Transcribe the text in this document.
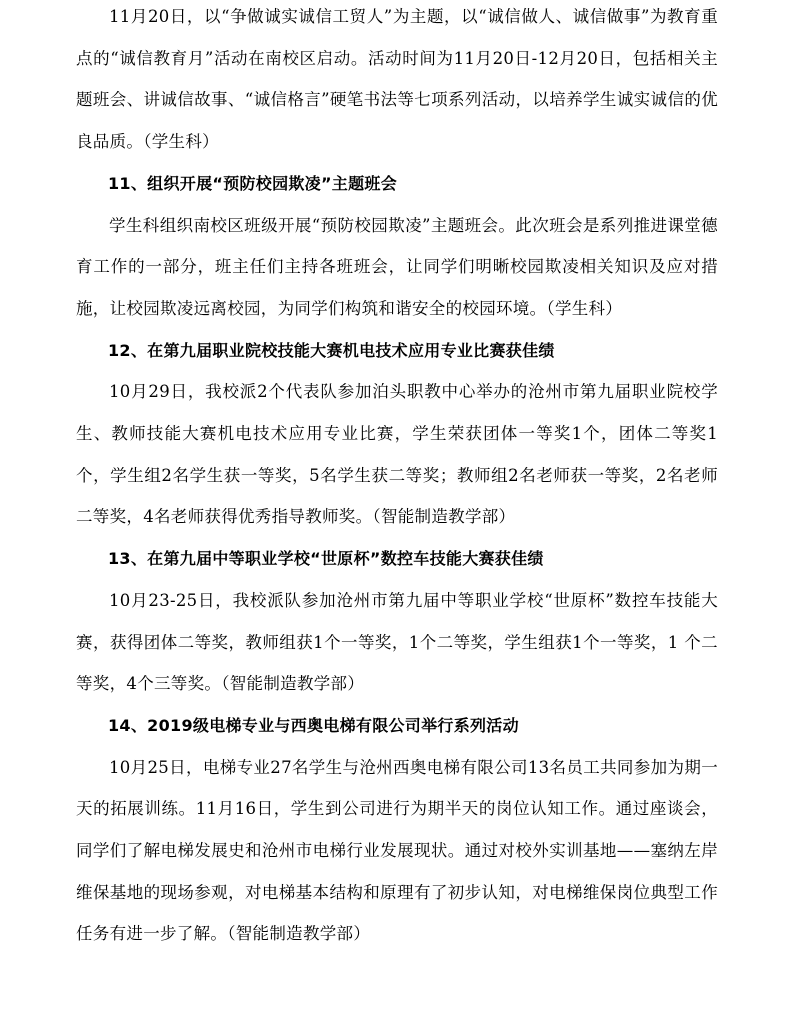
11月20日，以“争做诚实诚信工贸人”为主题，以“诚信做人、诚信做事”为教育重点的“诚信教育月”活动在南校区启动。活动时间为11月20日-12月20日，包括相关主题班会、讲诚信故事、“诚信格言”硬笔书法等七项系列活动，以培养学生诚实诚信的优良品质。（学生科）

11、组织开展“预防校园欺凌”主题班会

学生科组织南校区班级开展“预防校园欺凌”主题班会。此次班会是系列推进课堂德育工作的一部分，班主任们主持各班班会，让同学们明晰校园欺凌相关知识及应对措施，让校园欺凌远离校园，为同学们构筑和谐安全的校园环境。（学生科）

12、在第九届职业院校技能大赛机电技术应用专业比赛获佳绩

10月29日，我校派2个代表队参加泊头职教中心举办的沧州市第九届职业院校学生、教师技能大赛机电技术应用专业比赛，学生荣获团体一等奖1个，团体二等奖1个，学生组2名学生获一等奖，5名学生获二等奖；教师组2名老师获一等奖，2名老师二等奖，4名老师获得优秀指导教师奖。（智能制造教学部）

13、在第九届中等职业学校“世原杯”数控车技能大赛获佳绩

10月23-25日，我校派队参加沧州市第九届中等职业学校“世原杯”数控车技能大赛，获得团体二等奖，教师组获1个一等奖，1个二等奖，学生组获1个一等奖，1 个二等奖，4个三等奖。（智能制造教学部）

14、2019级电梯专业与西奥电梯有限公司举行系列活动

10月25日，电梯专业27名学生与沧州西奥电梯有限公司13名员工共同参加为期一天的拓展训练。11月16日，学生到公司进行为期半天的岗位认知工作。通过座谈会，同学们了解电梯发展史和沧州市电梯行业发展现状。通过对校外实训基地——塞纳左岸维保基地的现场参观，对电梯基本结构和原理有了初步认知，对电梯维保岗位典型工作任务有进一步了解。（智能制造教学部）
